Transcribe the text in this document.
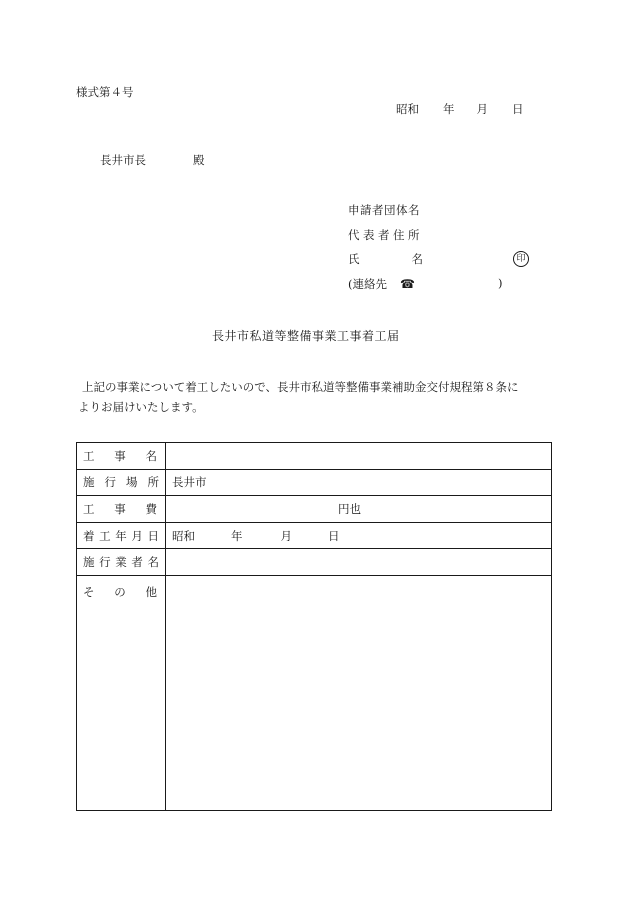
様式第４号
昭和 年 月 日
長井市長	殿
申請者団体名
代表者住所
氏	名	印
(連絡先 ☎	)
長井市私道等整備事業工事着工届
上記の事業について着工したいので、長井市私道等整備事業補助金交付規程第８条に
よりお届けいたします。
工 事 名	

施 行 場 所	長井市

工 事 費	円也

着 工 年 月 日	昭和 年 月 日

施 行 業 者 名	

そ の 他	
